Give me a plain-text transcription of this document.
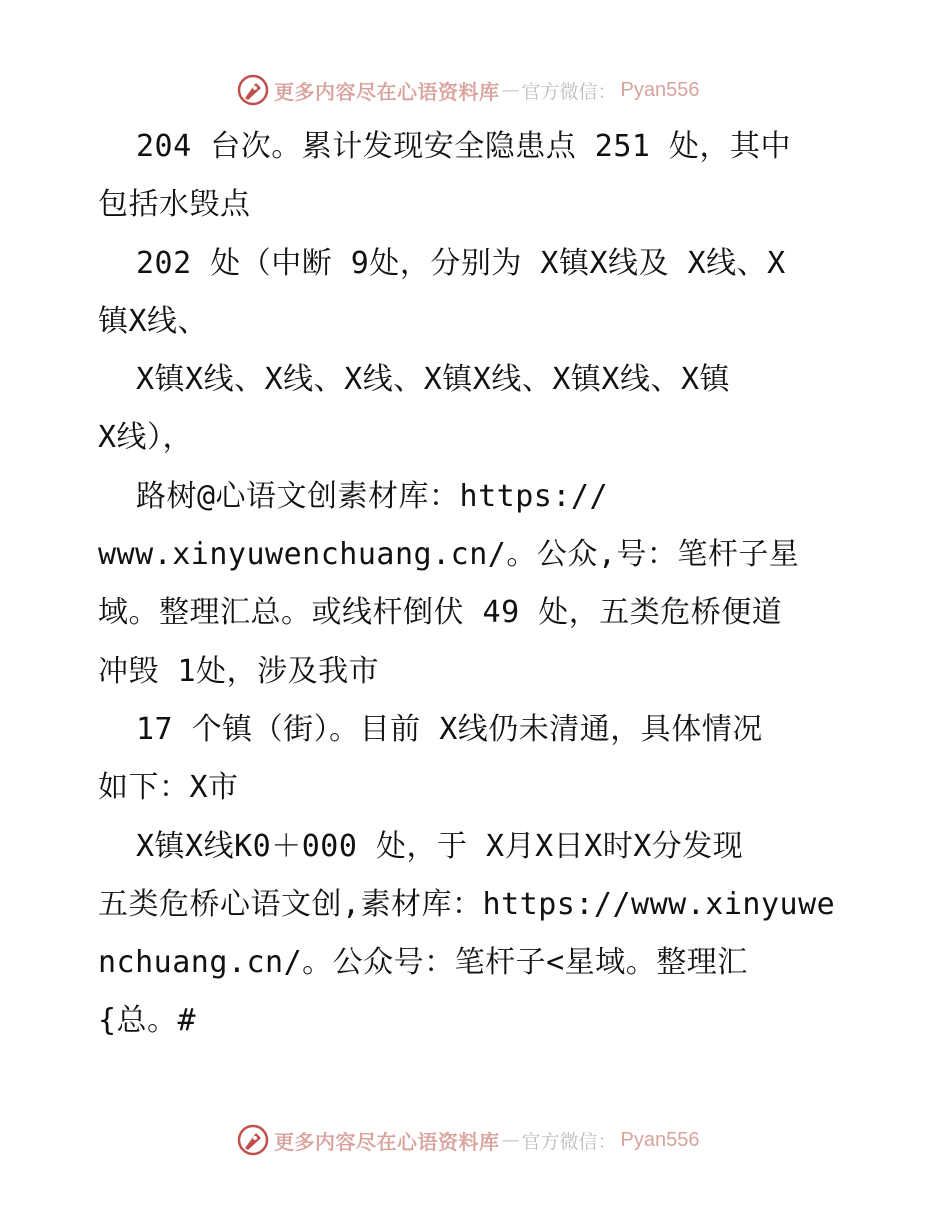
更多内容尽在心语资料库 — 官方微信： Pyan556
204 台次。累计发现安全隐患点 251 处，其中
包括水毁点
202 处（中断 9处，分别为 X镇X线及 X线、X
镇X线、
X镇X线、X线、X线、X镇X线、X镇X线、X镇
X线），
路树@心语文创素材库：https://
www.xinyuwenchuang.cn/。公众,号：笔杆子星
域。整理汇总。或线杆倒伏 49 处，五类危桥便道
冲毁 1处，涉及我市
17 个镇（街）。目前 X线仍未清通，具体情况
如下：X市
X镇X线K0＋000 处，于 X月X日X时X分发现
五类危桥心语文创,素材库：https://www.xinyuwe
nchuang.cn/。公众号：笔杆子<星域。整理汇
{总。#
更多内容尽在心语资料库 — 官方微信： Pyan556
